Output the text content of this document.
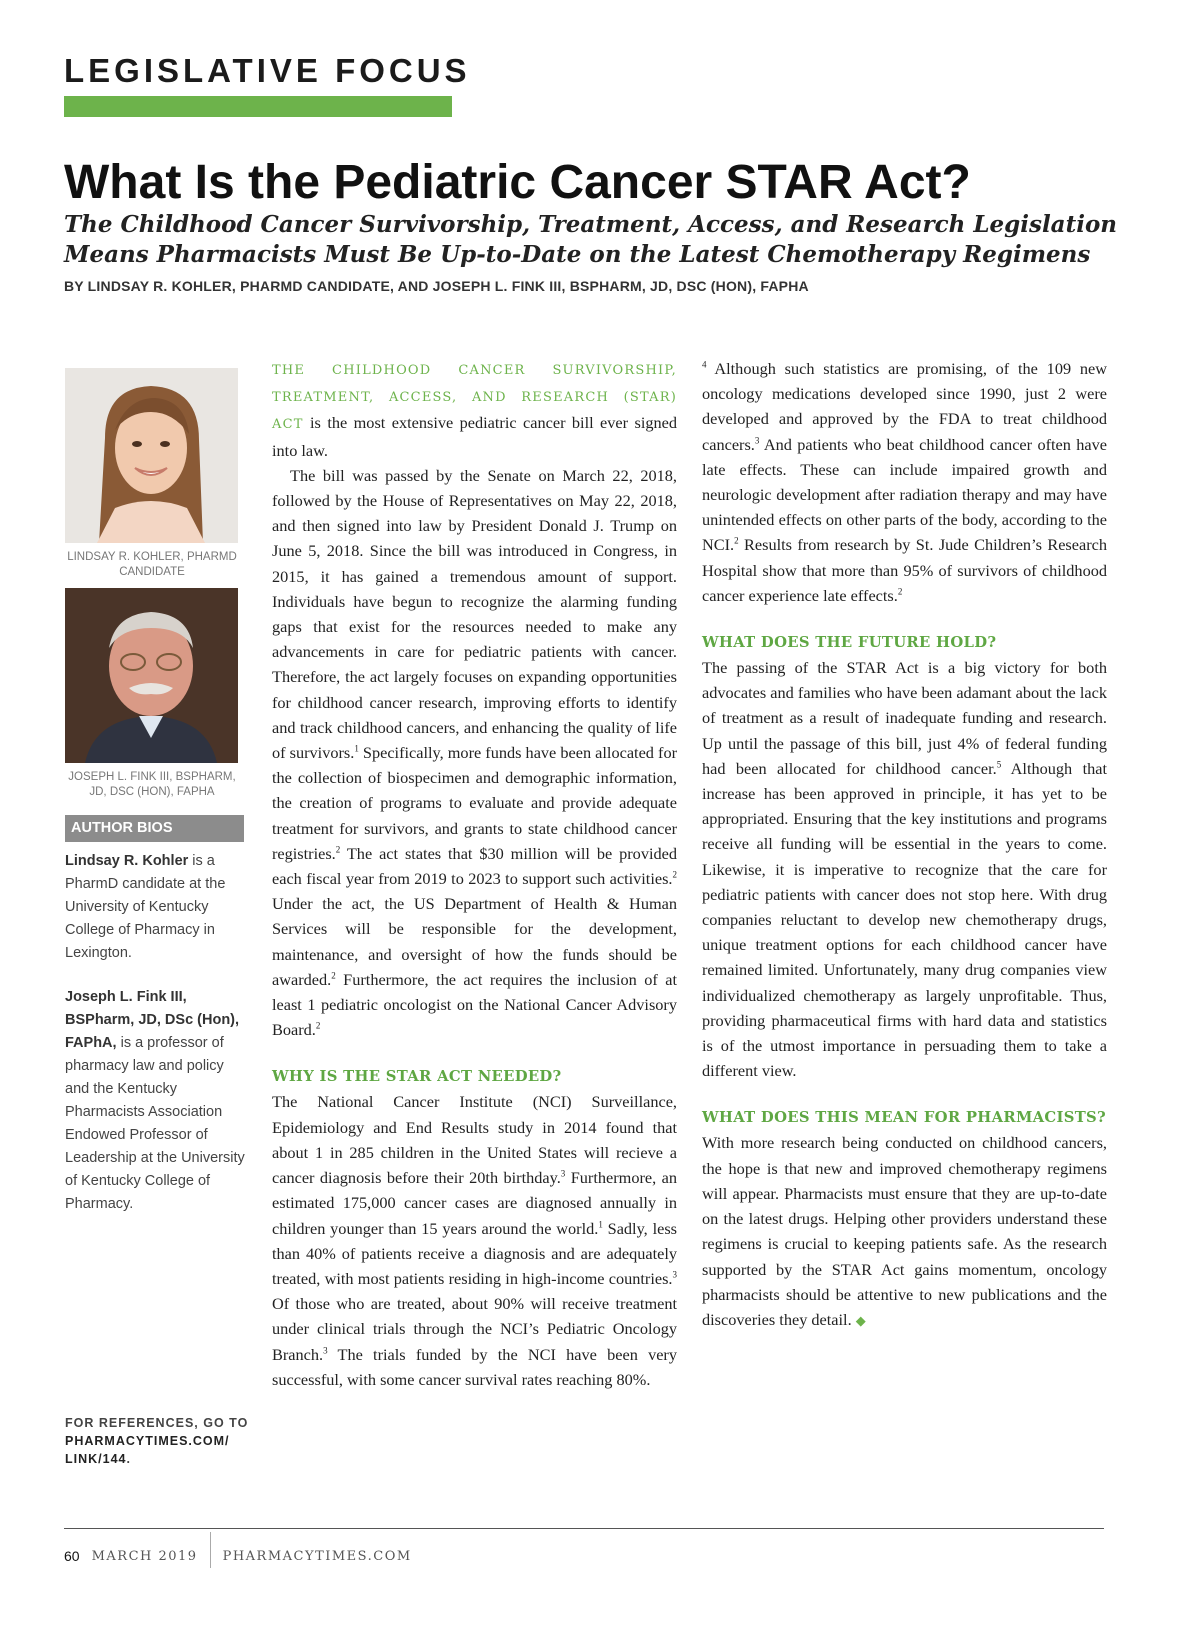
LEGISLATIVE FOCUS
What Is the Pediatric Cancer STAR Act?
The Childhood Cancer Survivorship, Treatment, Access, and Research Legislation Means Pharmacists Must Be Up-to-Date on the Latest Chemotherapy Regimens
BY LINDSAY R. KOHLER, PHARMD CANDIDATE, AND JOSEPH L. FINK III, BSPHARM, JD, DSC (HON), FAPHA
LINDSAY R. KOHLER, PHARMD CANDIDATE
JOSEPH L. FINK III, BSPHARM, JD, DSC (HON), FAPHA
AUTHOR BIOS

Lindsay R. Kohler is a PharmD candidate at the University of Kentucky College of Pharmacy in Lexington.

Joseph L. Fink III, BSPharm, JD, DSc (Hon), FAPhA, is a professor of pharmacy law and policy and the Kentucky Pharmacists Association Endowed Professor of Leadership at the University of Kentucky College of Pharmacy.

FOR REFERENCES, GO TO
PHARMACYTIMES.COM/ LINK/144.

THE CHILDHOOD CANCER SURVIVORSHIP, TREATMENT, ACCESS, AND RESEARCH (STAR) ACT is the most extensive pediatric cancer bill ever signed into law.

The bill was passed by the Senate on March 22, 2018, followed by the House of Representatives on May 22, 2018, and then signed into law by President Donald J. Trump on June 5, 2018. Since the bill was introduced in Congress, in 2015, it has gained a tremendous amount of support. Individuals have begun to recognize the alarming funding gaps that exist for the resources needed to make any advancements in care for pediatric patients with cancer. Therefore, the act largely focuses on expanding opportunities for childhood cancer research, improving efforts to identify and track childhood cancers, and enhancing the quality of life of survivors.$^1$ Specifically, more funds have been allocated for the collection of biospecimen and demographic information, the creation of programs to evaluate and provide adequate treatment for survivors, and grants to state childhood cancer registries.$^2$ The act states that $30 million will be provided each fiscal year from 2019 to 2023 to support such activities.$^2$ Under the act, the US Department of Health & Human Services will be responsible for the development, maintenance, and oversight of how the funds should be awarded.$^2$ Furthermore, the act requires the inclusion of at least 1 pediatric oncologist on the National Cancer Advisory Board.$^2$

WHY IS THE STAR ACT NEEDED?

The National Cancer Institute (NCI) Surveillance, Epidemiology and End Results study in 2014 found that about 1 in 285 children in the United States will recieve a cancer diagnosis before their 20th birthday.$^3$ Furthermore, an estimated 175,000 cancer cases are diagnosed annually in children younger than 15 years around the world.$^1$ Sadly, less than 40% of patients receive a diagnosis and are adequately treated, with most patients residing in high-income countries.$^3$ Of those who are treated, about 90% will receive treatment under clinical trials through the NCI’s Pediatric Oncology Branch.$^3$ The trials funded by the NCI have been very successful, with some cancer survival rates reaching 80%.

$^4$ Although such statistics are promising, of the 109 new oncology medications developed since 1990, just 2 were developed and approved by the FDA to treat childhood cancers.$^3$ And patients who beat childhood cancer often have late effects. These can include impaired growth and neurologic development after radiation therapy and may have unintended effects on other parts of the body, according to the NCI.$^2$ Results from research by St. Jude Children’s Research Hospital show that more than 95% of survivors of childhood cancer experience late effects.$^2$

WHAT DOES THE FUTURE HOLD?

The passing of the STAR Act is a big victory for both advocates and families who have been adamant about the lack of treatment as a result of inadequate funding and research. Up until the passage of this bill, just 4% of federal funding had been allocated for childhood cancer.$^5$ Although that increase has been approved in principle, it has yet to be appropriated. Ensuring that the key institutions and programs receive all funding will be essential in the years to come. Likewise, it is imperative to recognize that the care for pediatric patients with cancer does not stop here. With drug companies reluctant to develop new chemotherapy drugs, unique treatment options for each childhood cancer have remained limited. Unfortunately, many drug companies view individualized chemotherapy as largely unprofitable. Thus, providing pharmaceutical firms with hard data and statistics is of the utmost importance in persuading them to take a different view.

WHAT DOES THIS MEAN FOR PHARMACISTS?

With more research being conducted on childhood cancers, the hope is that new and improved chemotherapy regimens will appear. Pharmacists must ensure that they are up-to-date on the latest drugs. Helping other providers understand these regimens is crucial to keeping patients safe. As the research supported by the STAR Act gains momentum, oncology pharmacists should be attentive to new publications and the discoveries they detail. ◆

60 MARCH 2019 PHARMACYTIMES.COM
